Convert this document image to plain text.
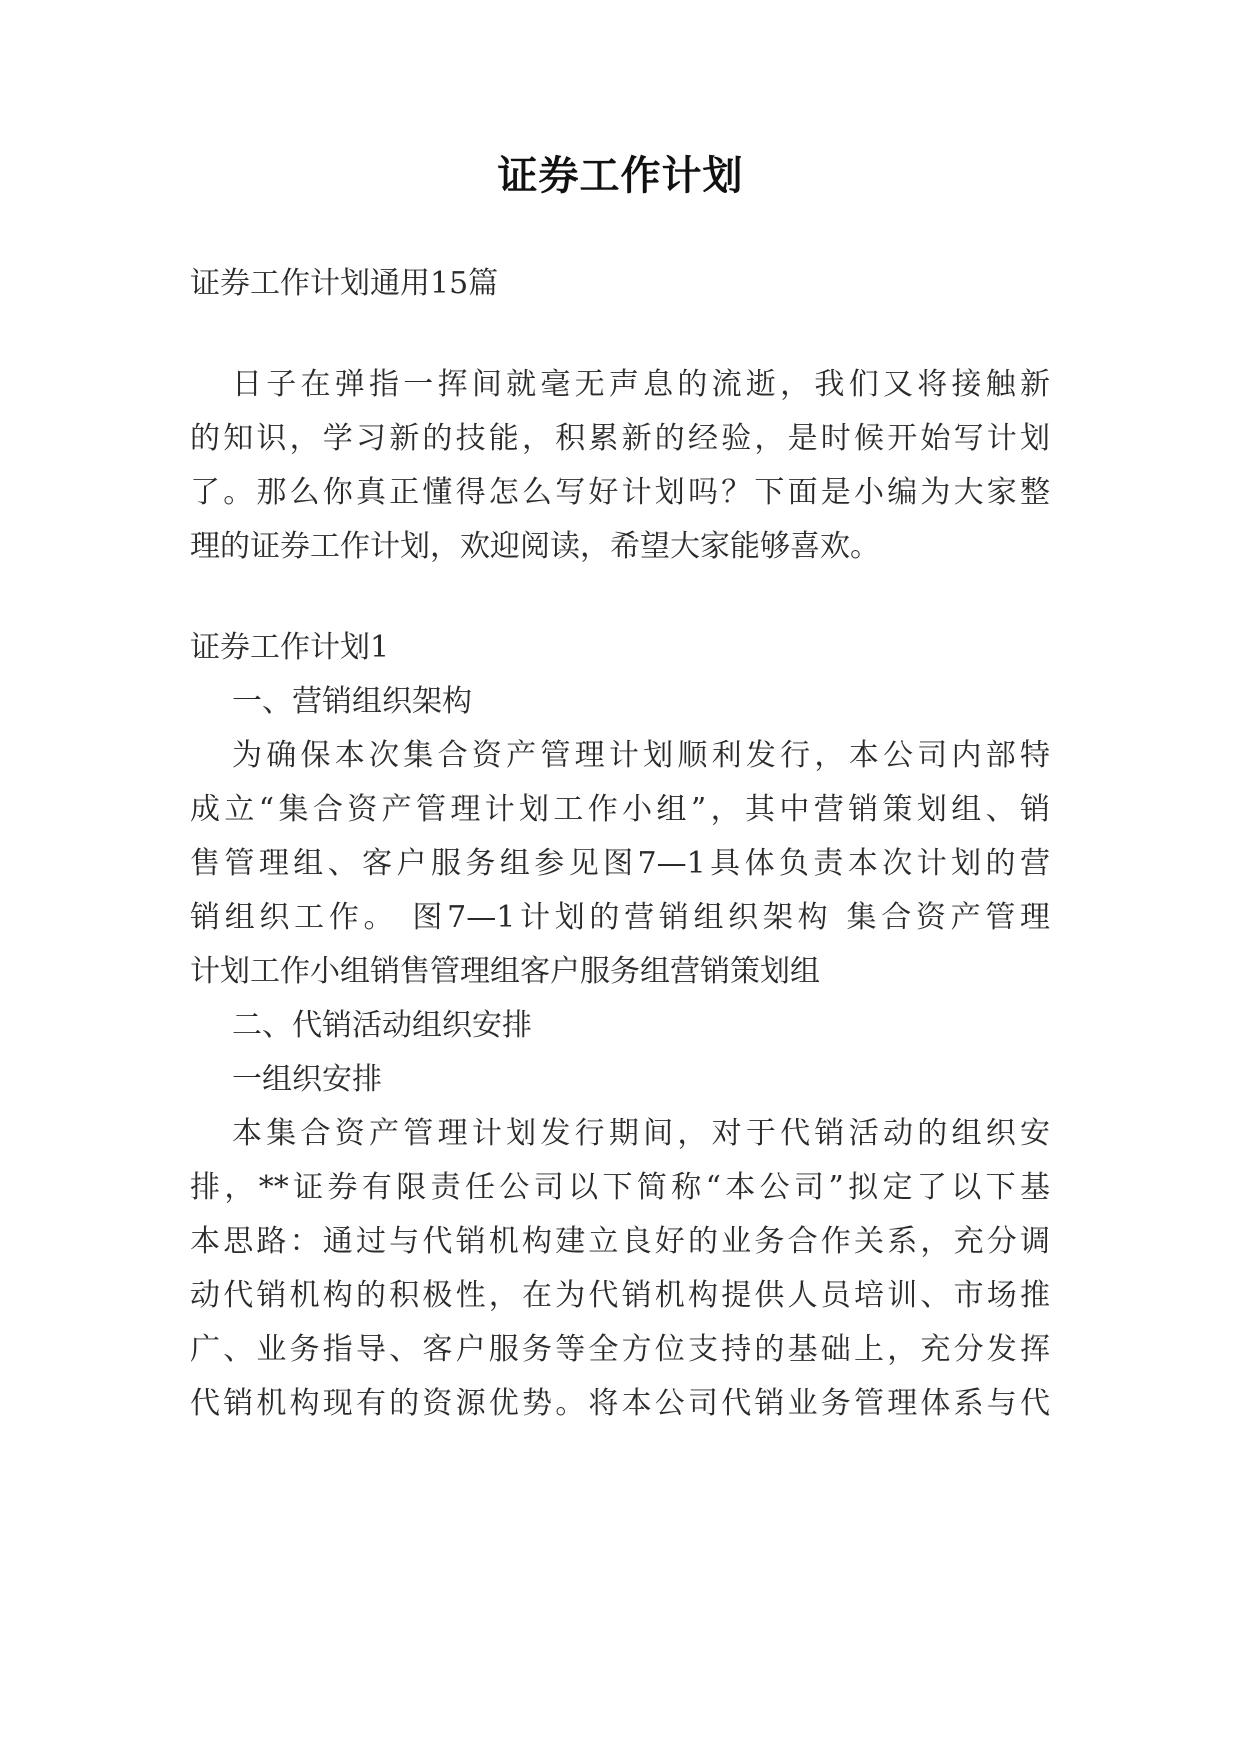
证券工作计划
证券工作计划通用15篇
日子在弹指一挥间就毫无声息的流逝，我们又将接触新
的知识，学习新的技能，积累新的经验，是时候开始写计划
了。那么你真正懂得怎么写好计划吗？下面是小编为大家整
理的证券工作计划，欢迎阅读，希望大家能够喜欢。
证券工作计划1
一、营销组织架构
为确保本次集合资产管理计划顺利发行，本公司内部特
成立“集合资产管理计划工作小组”，其中营销策划组、销
售管理组、客户服务组参见图7—1具体负责本次计划的营
销组织工作。 图7—1计划的营销组织架构 集合资产管理
计划工作小组销售管理组客户服务组营销策划组
二、代销活动组织安排
一组织安排
本集合资产管理计划发行期间，对于代销活动的组织安
排，**证券有限责任公司以下简称“本公司”拟定了以下基
本思路：通过与代销机构建立良好的业务合作关系，充分调
动代销机构的积极性，在为代销机构提供人员培训、市场推
广、业务指导、客户服务等全方位支持的基础上，充分发挥
代销机构现有的资源优势。将本公司代销业务管理体系与代
